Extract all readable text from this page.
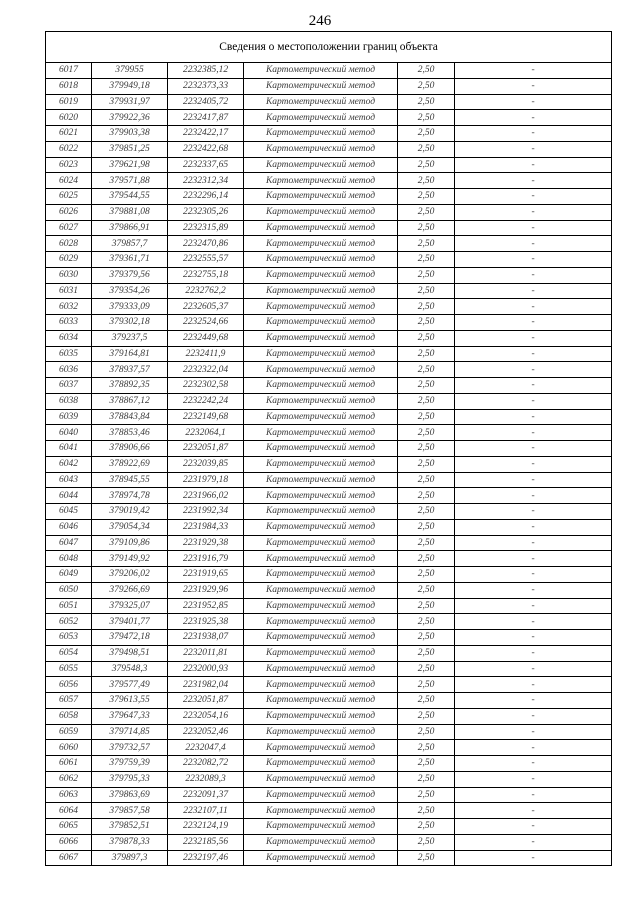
246
Сведения о местоположении границ объекта					
6017	379955	2232385,12	Картометрический метод	2,50	-
6018	379949,18	2232373,33	Картометрический метод	2,50	-
6019	379931,97	2232405,72	Картометрический метод	2,50	-
6020	379922,36	2232417,87	Картометрический метод	2,50	-
6021	379903,38	2232422,17	Картометрический метод	2,50	-
6022	379851,25	2232422,68	Картометрический метод	2,50	-
6023	379621,98	2232337,65	Картометрический метод	2,50	-
6024	379571,88	2232312,34	Картометрический метод	2,50	-
6025	379544,55	2232296,14	Картометрический метод	2,50	-
6026	379881,08	2232305,26	Картометрический метод	2,50	-
6027	379866,91	2232315,89	Картометрический метод	2,50	-
6028	379857,7	2232470,86	Картометрический метод	2,50	-
6029	379361,71	2232555,57	Картометрический метод	2,50	-
6030	379379,56	2232755,18	Картометрический метод	2,50	-
6031	379354,26	2232762,2	Картометрический метод	2,50	-
6032	379333,09	2232605,37	Картометрический метод	2,50	-
6033	379302,18	2232524,66	Картометрический метод	2,50	-
6034	379237,5	2232449,68	Картометрический метод	2,50	-
6035	379164,81	2232411,9	Картометрический метод	2,50	-
6036	378937,57	2232322,04	Картометрический метод	2,50	-
6037	378892,35	2232302,58	Картометрический метод	2,50	-
6038	378867,12	2232242,24	Картометрический метод	2,50	-
6039	378843,84	2232149,68	Картометрический метод	2,50	-
6040	378853,46	2232064,1	Картометрический метод	2,50	-
6041	378906,66	2232051,87	Картометрический метод	2,50	-
6042	378922,69	2232039,85	Картометрический метод	2,50	-
6043	378945,55	2231979,18	Картометрический метод	2,50	-
6044	378974,78	2231966,02	Картометрический метод	2,50	-
6045	379019,42	2231992,34	Картометрический метод	2,50	-
6046	379054,34	2231984,33	Картометрический метод	2,50	-
6047	379109,86	2231929,38	Картометрический метод	2,50	-
6048	379149,92	2231916,79	Картометрический метод	2,50	-
6049	379206,02	2231919,65	Картометрический метод	2,50	-
6050	379266,69	2231929,96	Картометрический метод	2,50	-
6051	379325,07	2231952,85	Картометрический метод	2,50	-
6052	379401,77	2231925,38	Картометрический метод	2,50	-
6053	379472,18	2231938,07	Картометрический метод	2,50	-
6054	379498,51	2232011,81	Картометрический метод	2,50	-
6055	379548,3	2232000,93	Картометрический метод	2,50	-
6056	379577,49	2231982,04	Картометрический метод	2,50	-
6057	379613,55	2232051,87	Картометрический метод	2,50	-
6058	379647,33	2232054,16	Картометрический метод	2,50	-
6059	379714,85	2232052,46	Картометрический метод	2,50	-
6060	379732,57	2232047,4	Картометрический метод	2,50	-
6061	379759,39	2232082,72	Картометрический метод	2,50	-
6062	379795,33	2232089,3	Картометрический метод	2,50	-
6063	379863,69	2232091,37	Картометрический метод	2,50	-
6064	379857,58	2232107,11	Картометрический метод	2,50	-
6065	379852,51	2232124,19	Картометрический метод	2,50	-
6066	379878,33	2232185,56	Картометрический метод	2,50	-
6067	379897,3	2232197,46	Картометрический метод	2,50	-
